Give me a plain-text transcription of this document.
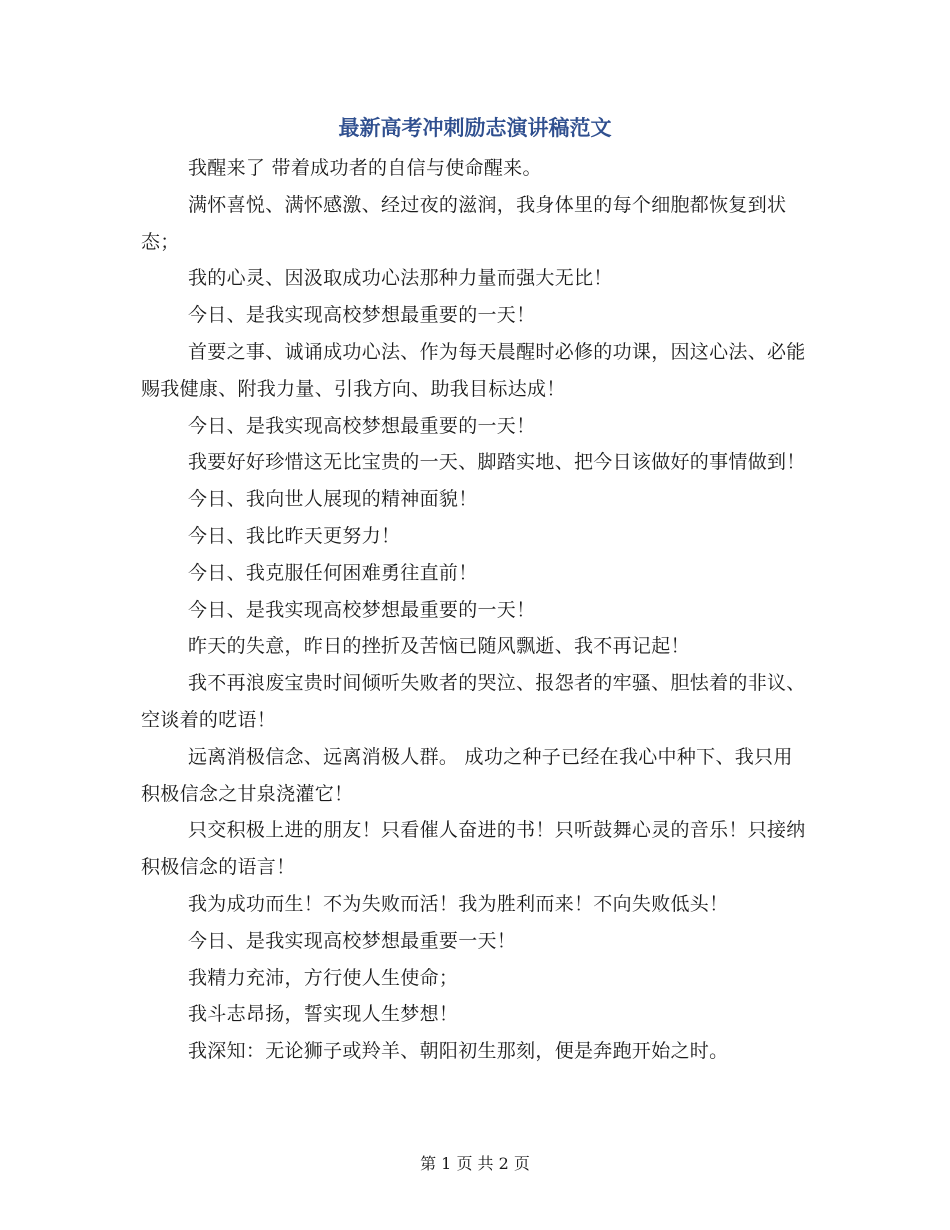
最新高考冲刺励志演讲稿范文

我醒来了 带着成功者的自信与使命醒来。

满怀喜悦、满怀感激、经过夜的滋润，我身体里的每个细胞都恢复到状态；

我的心灵、因汲取成功心法那种力量而强大无比！

今日、是我实现高校梦想最重要的一天！

首要之事、诚诵成功心法、作为每天晨醒时必修的功课，因这心法、必能赐我健康、附我力量、引我方向、助我目标达成！

今日、是我实现高校梦想最重要的一天！

我要好好珍惜这无比宝贵的一天、脚踏实地、把今日该做好的事情做到！

今日、我向世人展现的精神面貌！

今日、我比昨天更努力！

今日、我克服任何困难勇往直前！

今日、是我实现高校梦想最重要的一天！

昨天的失意，昨日的挫折及苦恼已随风飘逝、我不再记起！

我不再浪废宝贵时间倾听失败者的哭泣、报怨者的牢骚、胆怯着的非议、空谈着的呓语！

远离消极信念、远离消极人群。 成功之种子已经在我心中种下、我只用积极信念之甘泉浇灌它！

只交积极上进的朋友！只看催人奋进的书！只听鼓舞心灵的音乐！只接纳积极信念的语言！

我为成功而生！不为失败而活！我为胜利而来！不向失败低头！

今日、是我实现高校梦想最重要一天！

我精力充沛，方行使人生使命；

我斗志昂扬，誓实现人生梦想！

我深知：无论狮子或羚羊、朝阳初生那刻，便是奔跑开始之时。

第 1 页 共 2 页
